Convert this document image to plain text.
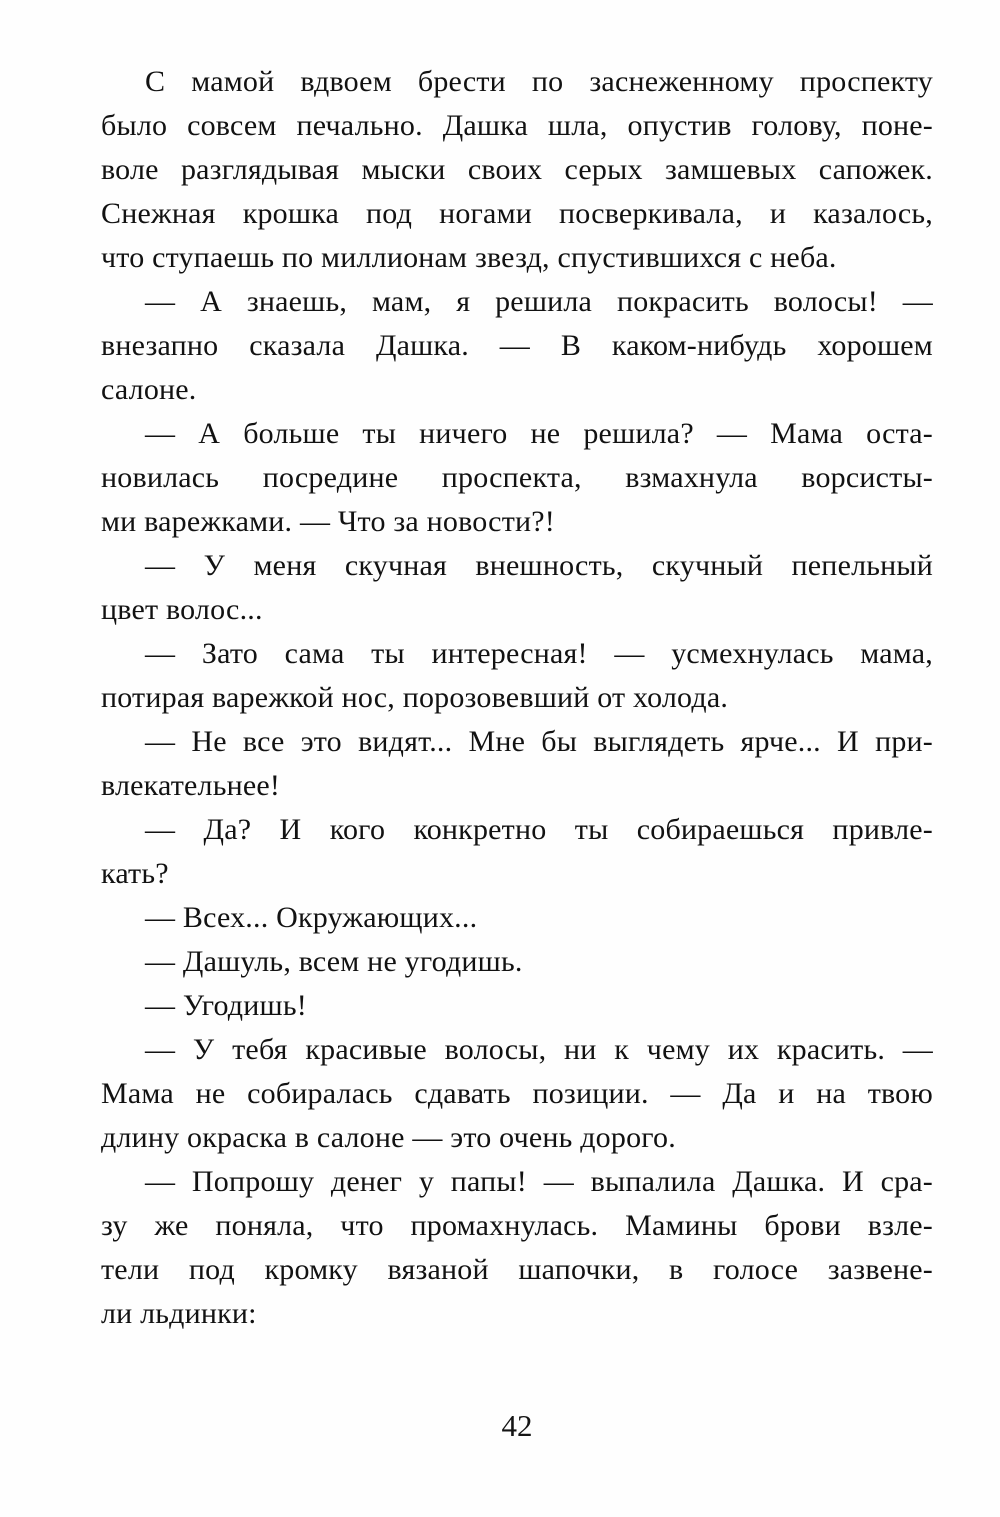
С мамой вдвоем брести по заснеженному проспекту
было совсем печально. Дашка шла, опустив голову, поне-
воле разглядывая мыски своих серых замшевых сапожек.
Снежная крошка под ногами посверкивала, и казалось,
что ступаешь по миллионам звезд, спустившихся с неба.
— А знаешь, мам, я решила покрасить волосы! —
внезапно сказала Дашка. — В каком-нибудь хорошем
салоне.
— А больше ты ничего не решила? — Мама оста-
новилась посредине проспекта, взмахнула ворсисты-
ми варежками. — Что за новости?!
— У меня скучная внешность, скучный пепельный
цвет волос...
— Зато сама ты интересная! — усмехнулась мама,
потирая варежкой нос, порозовевший от холода.
— Не все это видят... Мне бы выглядеть ярче... И при-
влекательнее!
— Да? И кого конкретно ты собираешься привле-
кать?
— Всех... Окружающих...
— Дашуль, всем не угодишь.
— Угодишь!
— У тебя красивые волосы, ни к чему их красить. —
Мама не собиралась сдавать позиции. — Да и на твою
длину окраска в салоне — это очень дорого.
— Попрошу денег у папы! — выпалила Дашка. И сра-
зу же поняла, что промахнулась. Мамины брови взле-
тели под кромку вязаной шапочки, в голосе зазвене-
ли льдинки:
42
